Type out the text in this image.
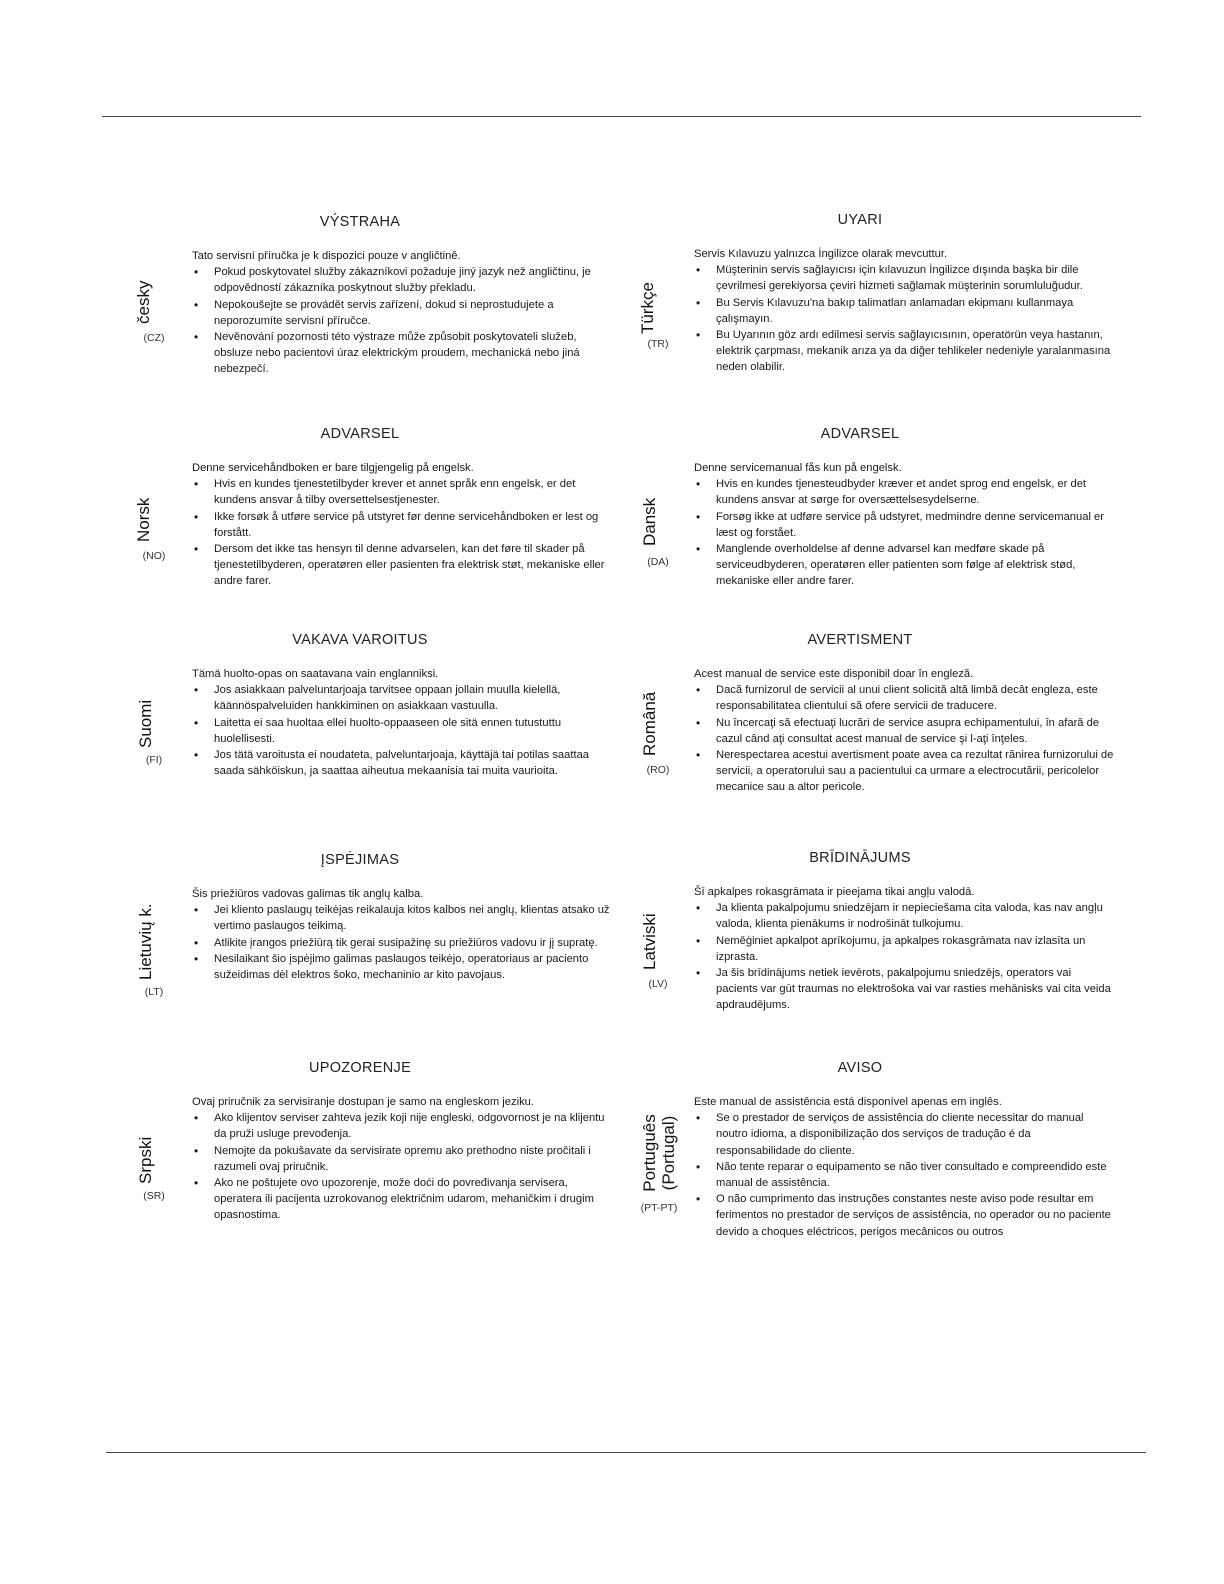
VÝSTRAHA
česky
(CZ)

Tato servisní příručka je k dispozici pouze v angličtině.

• Pokud poskytovatel služby zákazníkovi požaduje jiný jazyk než angličtinu, je odpovědností zákazníka poskytnout služby překladu.
• Nepokoušejte se provádět servis zařízení, dokud si neprostudujete a neporozumíte servisní příručce.
• Nevěnování pozornosti této výstraze může způsobit poskytovateli služeb, obsluze nebo pacientovi úraz elektrickým proudem, mechanická nebo jiná nebezpečí.
UYARI
Türkçe
(TR)

Servis Kılavuzu yalnızca İngilizce olarak mevcuttur.

• Müşterinin servis sağlayıcısı için kılavuzun İngilizce dışında başka bir dile çevrilmesi gerekiyorsa çeviri hizmeti sağlamak müşterinin sorumluluğudur.
• Bu Servis Kılavuzu'na bakıp talimatları anlamadan ekipmanı kullanmaya çalışmayın.
• Bu Uyarının göz ardı edilmesi servis sağlayıcısının, operatörün veya hastanın, elektrik çarpması, mekanik arıza ya da diğer tehlikeler nedeniyle yaralanmasına neden olabilir.
ADVARSEL
Norsk
(NO)

Denne servicehåndboken er bare tilgjengelig på engelsk.

• Hvis en kundes tjenestetilbyder krever et annet språk enn engelsk, er det kundens ansvar å tilby oversettelsestjenester.
• Ikke forsøk å utføre service på utstyret før denne servicehåndboken er lest og forstått.
• Dersom det ikke tas hensyn til denne advarselen, kan det føre til skader på tjenestetilbyderen, operatøren eller pasienten fra elektrisk støt, mekaniske eller andre farer.
ADVARSEL
Dansk
(DA)

Denne servicemanual fås kun på engelsk.

• Hvis en kundes tjenesteudbyder kræver et andet sprog end engelsk, er det kundens ansvar at sørge for oversættelsesydelserne.
• Forsøg ikke at udføre service på udstyret, medmindre denne servicemanual er læst og forstået.
• Manglende overholdelse af denne advarsel kan medføre skade på serviceudbyderen, operatøren eller patienten som følge af elektrisk stød, mekaniske eller andre farer.
VAKAVA VAROITUS
Suomi
(FI)

Tämä huolto-opas on saatavana vain englanniksi.

• Jos asiakkaan palveluntarjoaja tarvitsee oppaan jollain muulla kielellä, käännöspalveluiden hankkiminen on asiakkaan vastuulla.
• Laitetta ei saa huoltaa ellei huolto-oppaaseen ole sitä ennen tutustuttu huolellisesti.
• Jos tätä varoitusta ei noudateta, palveluntarjoaja, käyttäjä tai potilas saattaa saada sähköiskun, ja saattaa aiheutua mekaanisia tai muita vaurioita.
AVERTISMENT
Română
(RO)

Acest manual de service este disponibil doar în engleză.

• Dacă furnizorul de servicii al unui client solicită altă limbă decât engleza, este responsabilitatea clientului să ofere servicii de traducere.
• Nu încercaţi să efectuaţi lucrări de service asupra echipamentului, în afară de cazul când aţi consultat acest manual de service şi l-aţi înţeles.
• Nerespectarea acestui avertisment poate avea ca rezultat rănirea furnizorului de servicii, a operatorului sau a pacientului ca urmare a electrocutării, pericolelor mecanice sau a altor pericole.
ĮSPĖJIMAS
Lietuvių k.
(LT)

Šis priežiūros vadovas galimas tik anglų kalba.

• Jei kliento paslaugų teikėjas reikalauja kitos kalbos nei anglų, klientas atsako už vertimo paslaugos teikimą.
• Atlikite įrangos priežiūrą tik gerai susipažinę su priežiūros vadovu ir jį supratę.
• Nesilaikant šio įspėjimo galimas paslaugos teikėjo, operatoriaus ar paciento sužeidimas dėl elektros šoko, mechaninio ar kito pavojaus.
BRĪDINĀJUMS
Latviski
(LV)

Šī apkalpes rokasgrāmata ir pieejama tikai angļu valodā.

• Ja klienta pakalpojumu sniedzējam ir nepieciešama cita valoda, kas nav angļu valoda, klienta pienākums ir nodrošināt tulkojumu.
• Neměģiniet apkalpot aprīkojumu, ja apkalpes rokasgrāmata nav izlasīta un izprasta.
• Ja šis brīdinājums netiek ievērots, pakalpojumu sniedzējs, operators vai pacients var gūt traumas no elektrošoka vai var rasties mehānisks vai cita veida apdraudējums.
UPOZORENJE
Srpski
(SR)

Ovaj priručnik za servisiranje dostupan je samo na engleskom jeziku.

• Ako klijentov serviser zahteva jezik koji nije engleski, odgovornost je na klijentu da pruži usluge prevođenja.
• Nemojte da pokušavate da servisirate opremu ako prethodno niste pročitali i razumeli ovaj priručnik.
• Ako ne poštujete ovo upozorenje, može doći do povređivanja servisera, operatera ili pacijenta uzrokovanog električnim udarom, mehaničkim i drugim opasnostima.
AVISO
Português (Portugal)
(PT-PT)

Este manual de assistência está disponível apenas em inglês.

• Se o prestador de serviços de assistência do cliente necessitar do manual noutro idioma, a disponibilização dos serviços de tradução é da responsabilidade do cliente.
• Não tente reparar o equipamento se não tiver consultado e compreendido este manual de assistência.
• O não cumprimento das instruções constantes neste aviso pode resultar em ferimentos no prestador de serviços de assistência, no operador ou no paciente devido a choques eléctricos, perigos mecânicos ou outros
